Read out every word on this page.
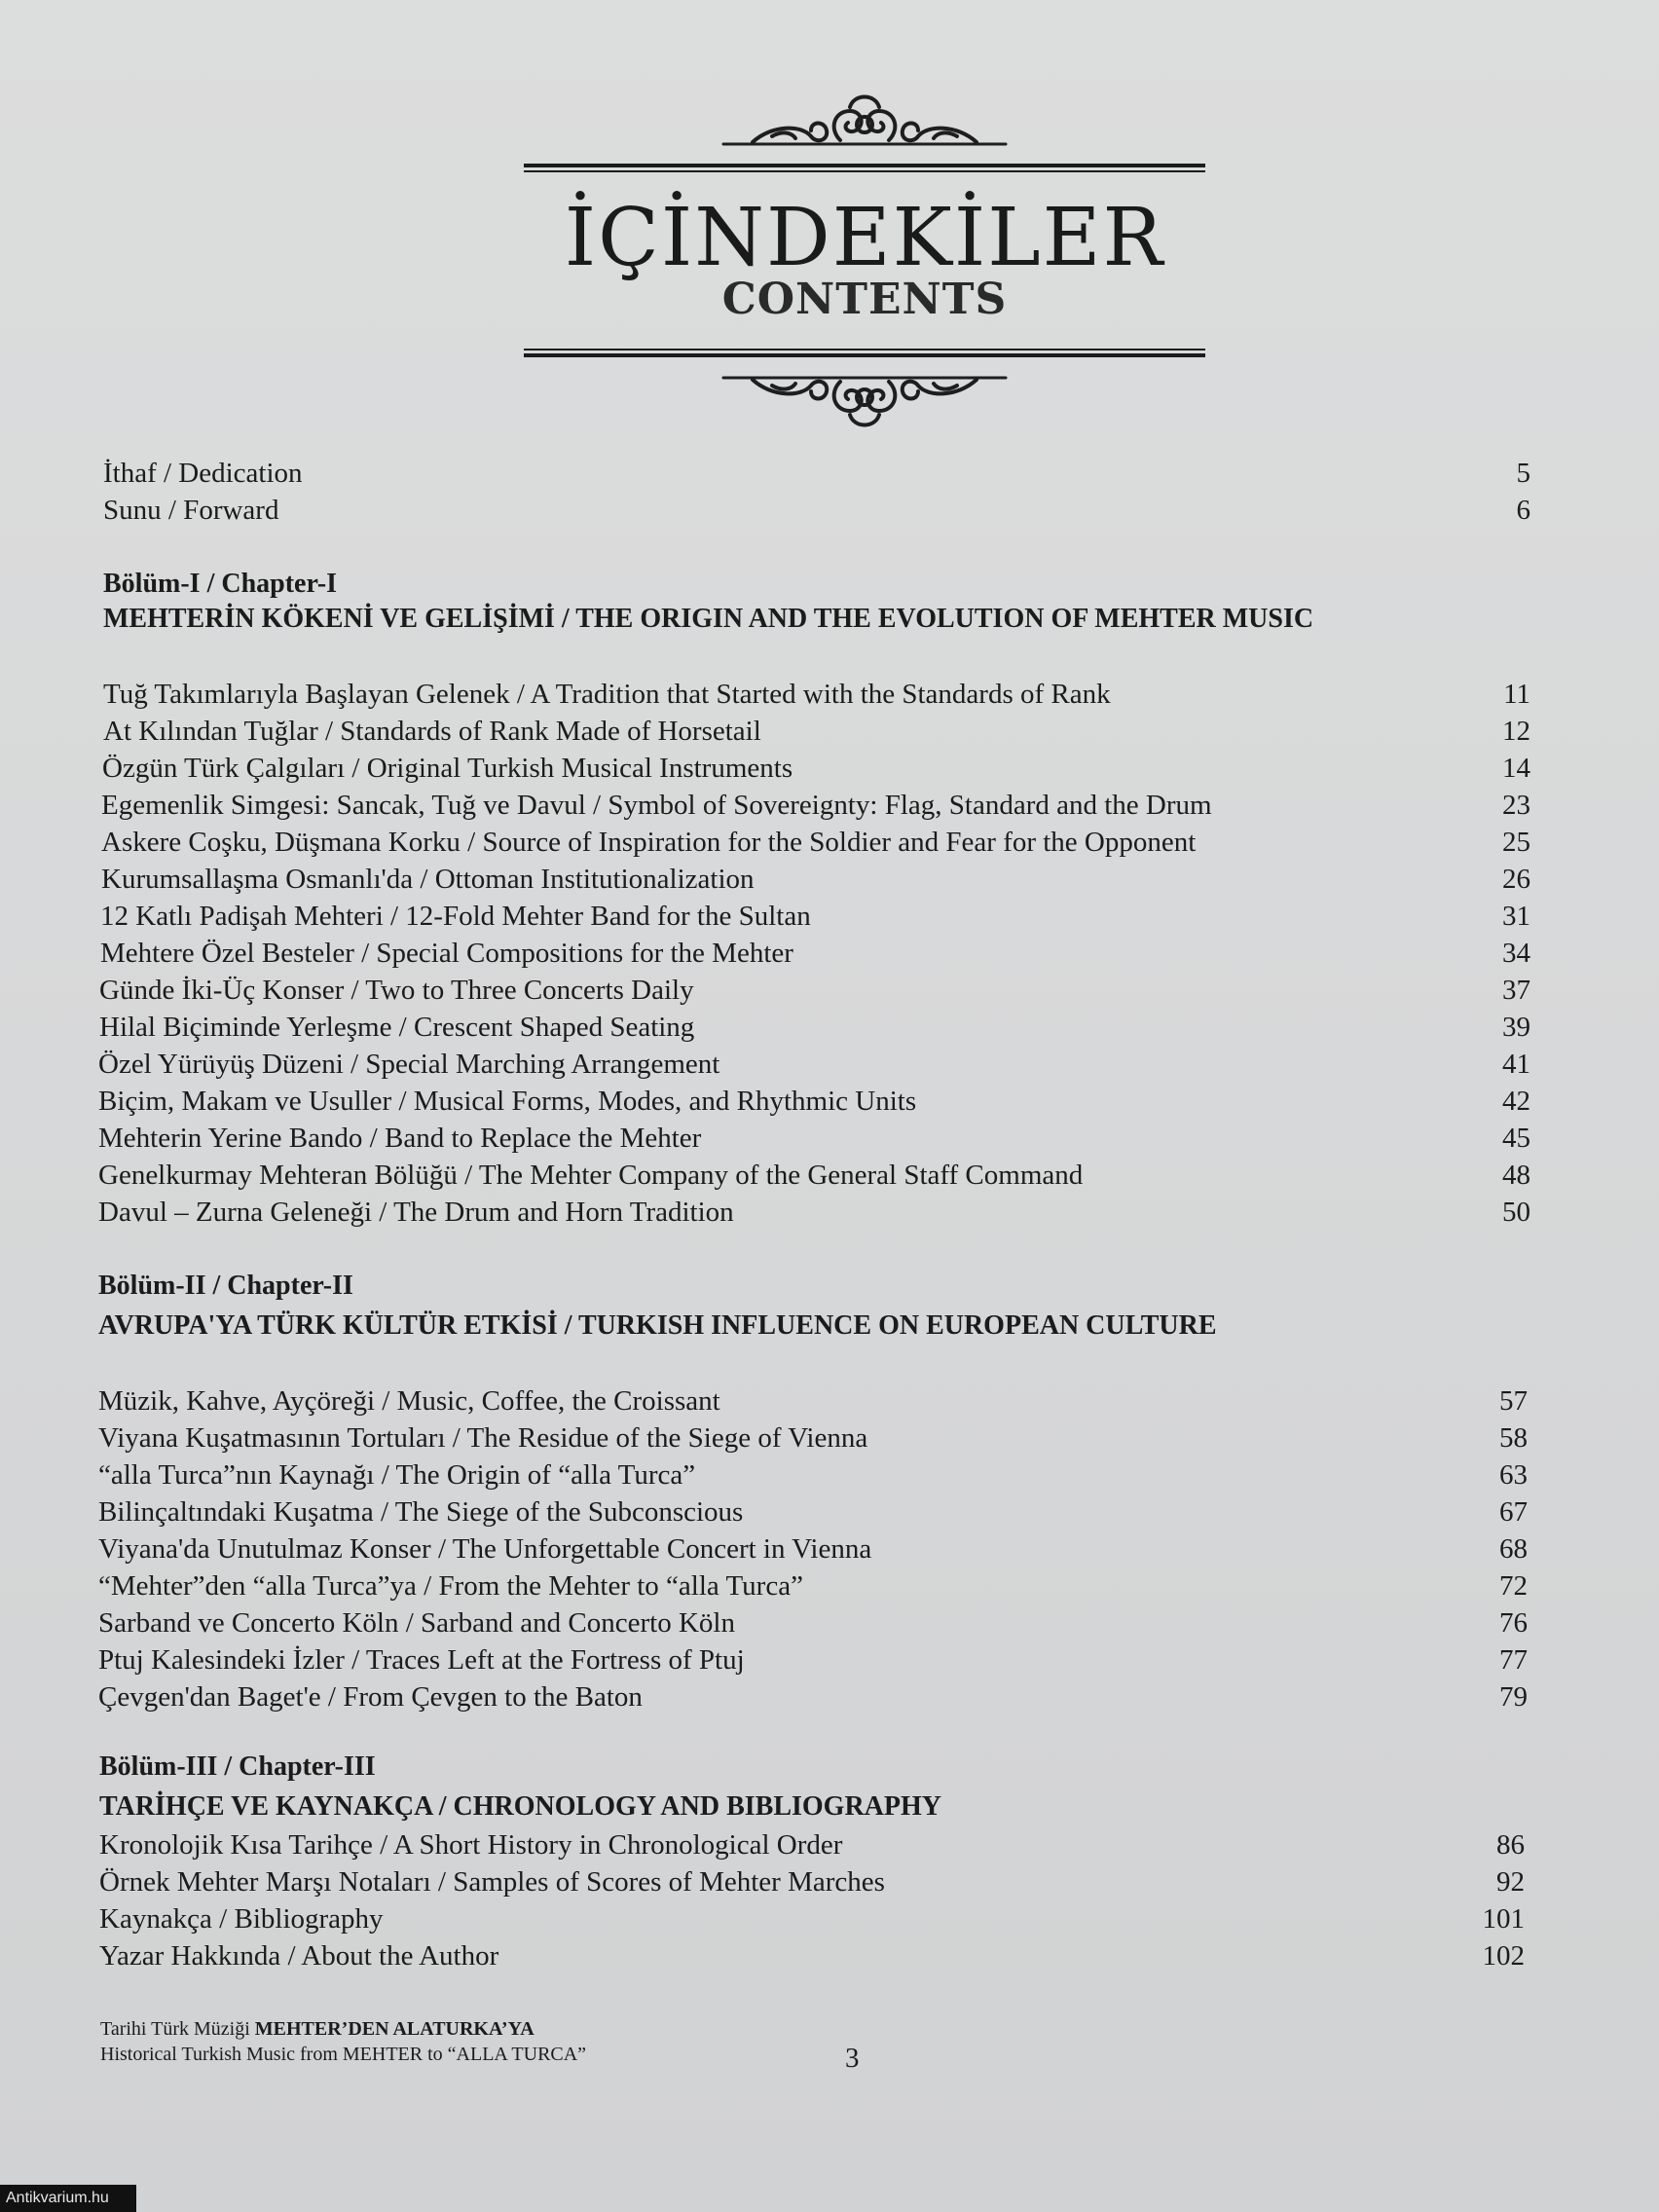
İÇİNDEKİLER
CONTENTS
İthaf / Dedication	5
Sunu / Forward	6
Bölüm-I / Chapter-I
MEHTERİN KÖKENİ VE GELİŞİMİ / THE ORIGIN AND THE EVOLUTION OF MEHTER MUSIC
Tuğ Takımlarıyla Başlayan Gelenek / A Tradition that Started with the Standards of Rank	11
At Kılından Tuğlar / Standards of Rank Made of Horsetail	12
Özgün Türk Çalgıları / Original Turkish Musical Instruments	14
Egemenlik Simgesi: Sancak, Tuğ ve Davul / Symbol of Sovereignty: Flag, Standard and the Drum	23
Askere Coşku, Düşmana Korku / Source of Inspiration for the Soldier and Fear for the Opponent	25
Kurumsallaşma Osmanlı'da / Ottoman Institutionalization	26
12 Katlı Padişah Mehteri / 12-Fold Mehter Band for the Sultan	31
Mehtere Özel Besteler / Special Compositions for the Mehter	34
Günde İki-Üç Konser / Two to Three Concerts Daily	37
Hilal Biçiminde Yerleşme / Crescent Shaped Seating	39
Özel Yürüyüş Düzeni / Special Marching Arrangement	41
Biçim, Makam ve Usuller / Musical Forms, Modes, and Rhythmic Units	42
Mehterin Yerine Bando / Band to Replace the Mehter	45
Genelkurmay Mehteran Bölüğü / The Mehter Company of the General Staff Command	48
Davul – Zurna Geleneği / The Drum and Horn Tradition	50
Bölüm-II / Chapter-II
AVRUPA'YA TÜRK KÜLTÜR ETKİSİ / TURKISH INFLUENCE ON EUROPEAN CULTURE
Müzik, Kahve, Ayçöreği / Music, Coffee, the Croissant	57
Viyana Kuşatmasının Tortuları / The Residue of the Siege of Vienna	58
“alla Turca”nın Kaynağı / The Origin of “alla Turca”	63
Bilinçaltındaki Kuşatma / The Siege of the Subconscious	67
Viyana'da Unutulmaz Konser / The Unforgettable Concert in Vienna	68
“Mehter”den “alla Turca”ya / From the Mehter to “alla Turca”	72
Sarband ve Concerto Köln / Sarband and Concerto Köln	76
Ptuj Kalesindeki İzler / Traces Left at the Fortress of Ptuj	77
Çevgen'dan Baget'e / From Çevgen to the Baton	79
Bölüm-III / Chapter-III
TARİHÇE VE KAYNAKÇA / CHRONOLOGY AND BIBLIOGRAPHY
Kronolojik Kısa Tarihçe / A Short History in Chronological Order	86
Örnek Mehter Marşı Notaları / Samples of Scores of Mehter Marches	92
Kaynakça / Bibliography	101
Yazar Hakkında / About the Author	102
Tarihi Türk Müziği MEHTER’DEN ALATURKA’YA
Historical Turkish Music from MEHTER to “ALLA TURCA”	3
Antikvarium.hu
